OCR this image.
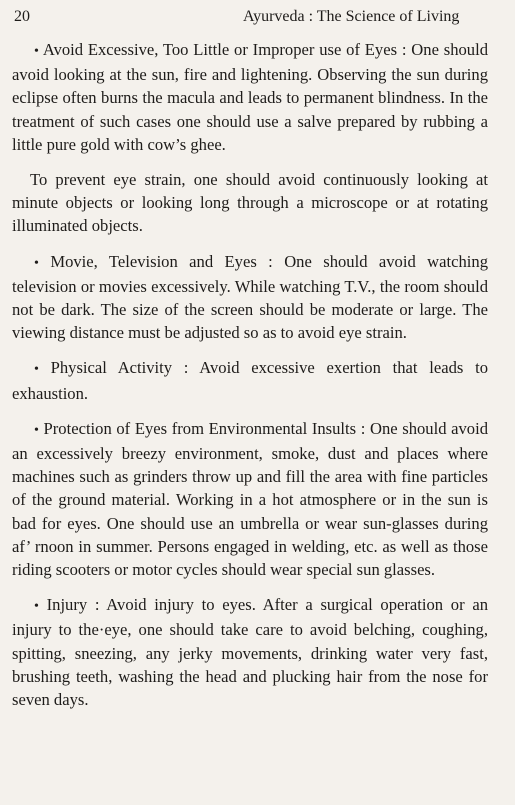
20	Ayurveda : The Science of Living

• Avoid Excessive, Too Little or Improper use of Eyes : One should avoid looking at the sun, fire and lightening. Observing the sun during eclipse often burns the macula and leads to permanent blindness. In the treatment of such cases one should use a salve prepared by rubbing a little pure gold with cow’s ghee.

To prevent eye strain, one should avoid continuously looking at minute objects or looking long through a microscope or at rotating illuminated objects.

• Movie, Television and Eyes : One should avoid watching television or movies excessively. While watching T.V., the room should not be dark. The size of the screen should be moderate or large. The viewing distance must be adjusted so as to avoid eye strain.

• Physical Activity : Avoid excessive exertion that leads to exhaustion.

• Protection of Eyes from Environmental Insults : One should avoid an excessively breezy environment, smoke, dust and places where machines such as grinders throw up and fill the area with fine particles of the ground material. Working in a hot atmosphere or in the sun is bad for eyes. One should use an umbrella or wear sun-glasses during af’ rnoon in summer. Persons engaged in welding, etc. as well as those riding scooters or motor cycles should wear special sun glasses.

• Injury : Avoid injury to eyes. After a surgical operation or an injury to the·eye, one should take care to avoid belching, coughing, spitting, sneezing, any jerky movements, drinking water very fast, brushing teeth, washing the head and plucking hair from the nose for seven days.
